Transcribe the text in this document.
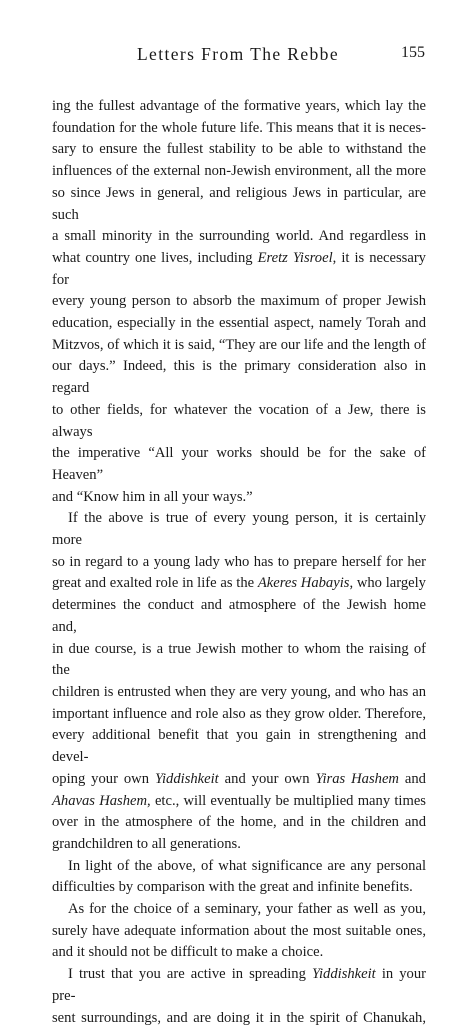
Letters From The Rebbe	155

ing the fullest advantage of the formative years, which lay the

foundation for the whole future life. This means that it is neces-

sary to ensure the fullest stability to be able to withstand the

influences of the external non-Jewish environment, all the more

so since Jews in general, and religious Jews in particular, are such

a small minority in the surrounding world. And regardless in

what country one lives, including Eretz Yisroel, it is necessary for

every young person to absorb the maximum of proper Jewish

education, especially in the essential aspect, namely Torah and

Mitzvos, of which it is said, “They are our life and the length of

our days.” Indeed, this is the primary consideration also in regard

to other fields, for whatever the vocation of a Jew, there is always

the imperative “All your works should be for the sake of Heaven”

and “Know him in all your ways.”

If the above is true of every young person, it is certainly more

so in regard to a young lady who has to prepare herself for her

great and exalted role in life as the Akeres Habayis, who largely

determines the conduct and atmosphere of the Jewish home and,

in due course, is a true Jewish mother to whom the raising of the

children is entrusted when they are very young, and who has an

important influence and role also as they grow older. Therefore,

every additional benefit that you gain in strengthening and devel-

oping your own Yiddishkeit and your own Yiras Hashem and

Ahavas Hashem, etc., will eventually be multiplied many times

over in the atmosphere of the home, and in the children and

grandchildren to all generations.

In light of the above, of what significance are any personal

difficulties by comparison with the great and infinite benefits.

As for the choice of a seminary, your father as well as you,

surely have adequate information about the most suitable ones,

and it should not be difficult to make a choice.

I trust that you are active in spreading Yiddishkeit in your pre-

sent surroundings, and are doing it in the spirit of Chanukah,
